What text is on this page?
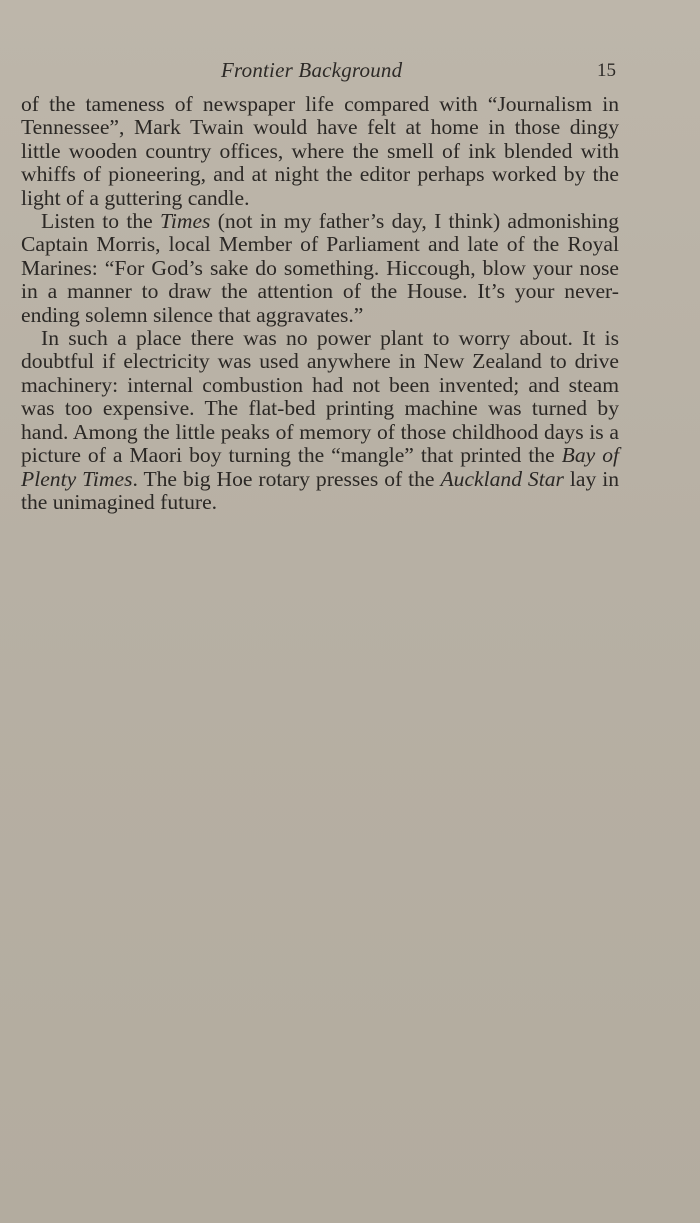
Frontier Background	15

of the tameness of newspaper life compared with “Journalism in Tennessee”, Mark Twain would have felt at home in those dingy little wooden country offices, where the smell of ink blended with whiffs of pioneering, and at night the editor perhaps worked by the light of a guttering candle.

Listen to the Times (not in my father’s day, I think) admonishing Captain Morris, local Member of Parliament and late of the Royal Marines: “For God’s sake do something. Hiccough, blow your nose in a manner to draw the attention of the House. It’s your never-ending solemn silence that aggravates.”

In such a place there was no power plant to worry about. It is doubtful if electricity was used anywhere in New Zealand to drive machinery: internal combustion had not been invented; and steam was too expensive. The flat-bed printing machine was turned by hand. Among the little peaks of memory of those childhood days is a picture of a Maori boy turning the “mangle” that printed the Bay of Plenty Times. The big Hoe rotary presses of the Auckland Star lay in the unimagined future.
